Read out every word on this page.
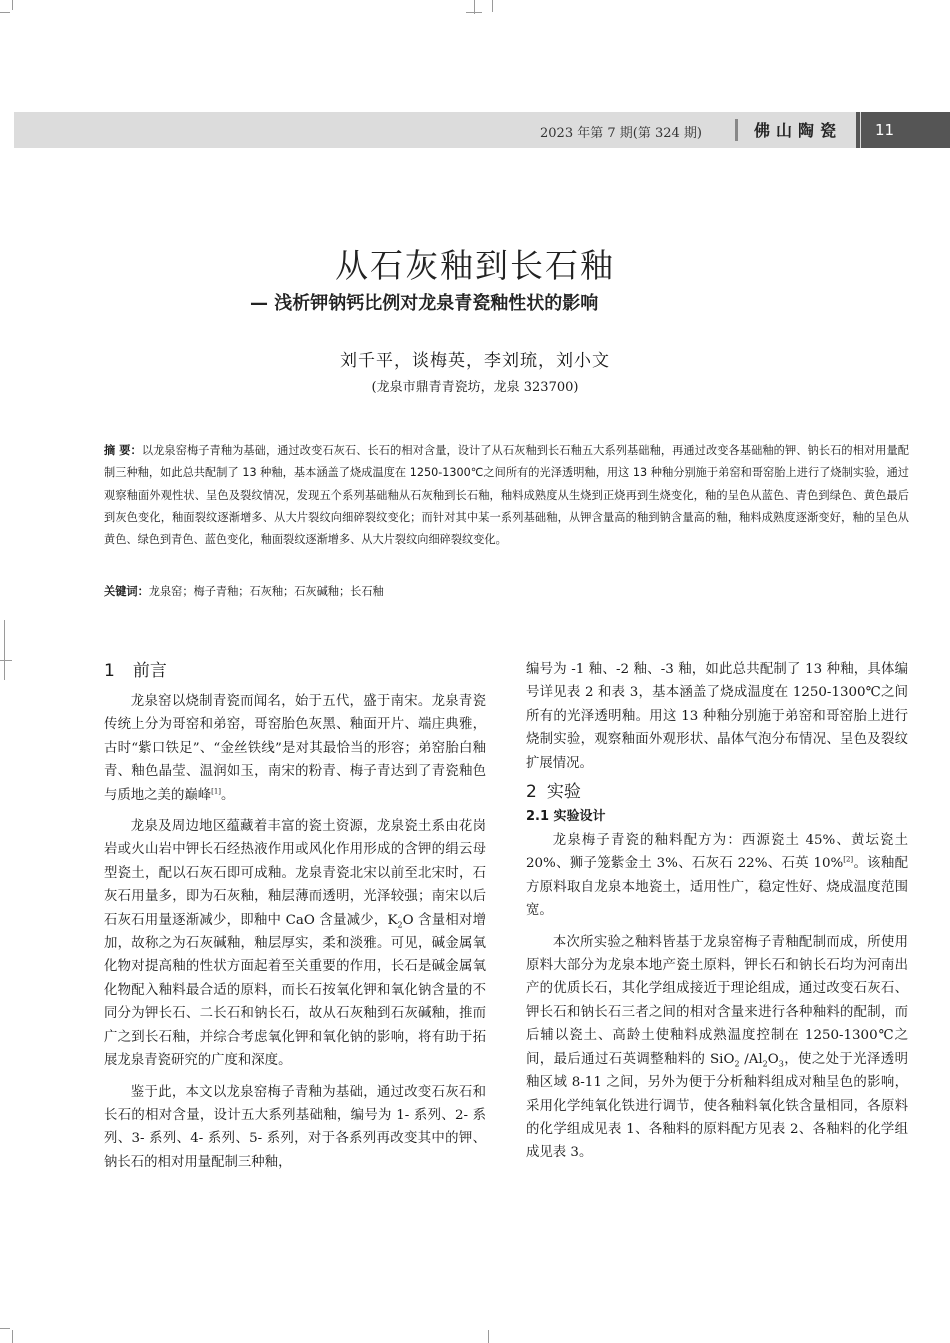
2023 年第 7 期(第 324 期)	佛山陶瓷	11
从石灰釉到长石釉
— 浅析钾钠钙比例对龙泉青瓷釉性状的影响
刘千平，谈梅英，李刘琉，刘小文
(龙泉市鼎青青瓷坊，龙泉 323700)
摘 要：以龙泉窑梅子青釉为基础，通过改变石灰石、长石的相对含量，设计了从石灰釉到长石釉五大系列基础釉，再通过改变各基础釉的钾、钠长石的相对用量配制三种釉，如此总共配制了 13 种釉，基本涵盖了烧成温度在 1250-1300℃之间所有的光泽透明釉，用这 13 种釉分别施于弟窑和哥窑胎上进行了烧制实验，通过观察釉面外观性状、呈色及裂纹情况，发现五个系列基础釉从石灰釉到长石釉，釉料成熟度从生烧到正烧再到生烧变化，釉的呈色从蓝色、青色到绿色、黄色最后到灰色变化，釉面裂纹逐渐增多、从大片裂纹向细碎裂纹变化；而针对其中某一系列基础釉，从钾含量高的釉到钠含量高的釉，釉料成熟度逐渐变好，釉的呈色从黄色、绿色到青色、蓝色变化，釉面裂纹逐渐增多、从大片裂纹向细碎裂纹变化。
关键词：龙泉窑；梅子青釉；石灰釉；石灰碱釉；长石釉
1 前言

龙泉窑以烧制青瓷而闻名，始于五代，盛于南宋。龙泉青瓷传统上分为哥窑和弟窑，哥窑胎色灰黑、釉面开片、端庄典雅，古时“紫口铁足”、“金丝铁线”是对其最恰当的形容；弟窑胎白釉青、釉色晶莹、温润如玉，南宋的粉青、梅子青达到了青瓷釉色与质地之美的巅峰[1]。

龙泉及周边地区蕴藏着丰富的瓷土资源，龙泉瓷土系由花岗岩或火山岩中钾长石经热液作用或风化作用形成的含钾的绢云母型瓷土，配以石灰石即可成釉。龙泉青瓷北宋以前至北宋时，石灰石用量多，即为石灰釉，釉层薄而透明，光泽较强；南宋以后石灰石用量逐渐减少，即釉中 CaO 含量减少，$K_2O$ 含量相对增加，故称之为石灰碱釉，釉层厚实，柔和淡雅。可见，碱金属氧化物对提高釉的性状方面起着至关重要的作用，长石是碱金属氧化物配入釉料最合适的原料，而长石按氧化钾和氧化钠含量的不同分为钾长石、二长石和钠长石，故从石灰釉到石灰碱釉，推而广之到长石釉，并综合考虑氧化钾和氧化钠的影响，将有助于拓展龙泉青瓷研究的广度和深度。

鉴于此，本文以龙泉窑梅子青釉为基础，通过改变石灰石和长石的相对含量，设计五大系列基础釉，编号为 1- 系列、2- 系列、3- 系列、4- 系列、5- 系列，对于各系列再改变其中的钾、钠长石的相对用量配制三种釉，

编号为 -1 釉、-2 釉、-3 釉，如此总共配制了 13 种釉，具体编号详见表 2 和表 3，基本涵盖了烧成温度在 1250-1300℃之间所有的光泽透明釉。用这 13 种釉分别施于弟窑和哥窑胎上进行烧制实验，观察釉面外观形状、晶体气泡分布情况、呈色及裂纹扩展情况。

2 实验
2.1 实验设计

龙泉梅子青瓷的釉料配方为：西源瓷土 45%、黄坛瓷土 20%、狮子笼紫金土 3%、石灰石 22%、石英 10%[2]。该釉配方原料取自龙泉本地瓷土，适用性广，稳定性好、烧成温度范围宽。

本次所实验之釉料皆基于龙泉窑梅子青釉配制而成，所使用原料大部分为龙泉本地产瓷土原料，钾长石和钠长石均为河南出产的优质长石，其化学组成接近于理论组成，通过改变石灰石、钾长石和钠长石三者之间的相对含量来进行各种釉料的配制，而后辅以瓷土、高龄土使釉料成熟温度控制在 1250-1300℃之间，最后通过石英调整釉料的 SiO$_2$ $/Al_2O_3$，使之处于光泽透明釉区域 8-11 之间，另外为便于分析釉料组成对釉呈色的影响，采用化学纯氧化铁进行调节，使各釉料氧化铁含量相同，各原料的化学组成见表 1、各釉料的原料配方见表 2、各釉料的化学组成见表 3。
